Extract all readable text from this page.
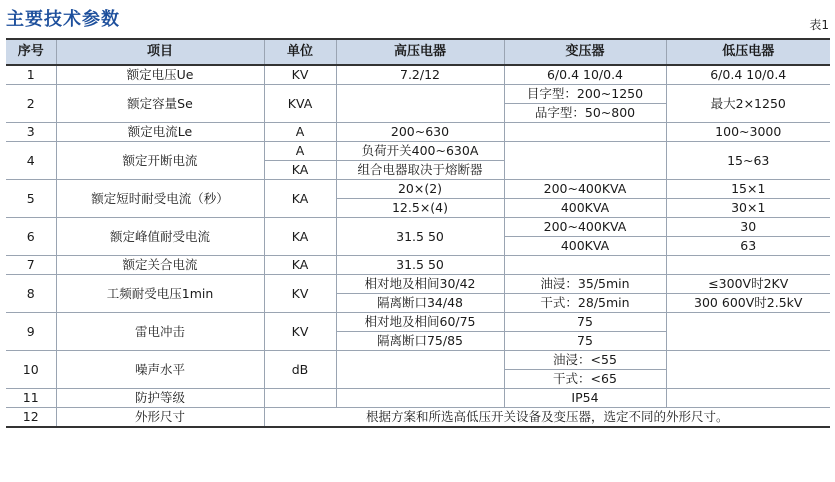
主要技术参数	表1
序号	项目	单位	高压电器	变压器	低压电器
1	额定电压Ue	KV	7.2/12	6/0.4 10/0.4	6/0.4 10/0.4
2	额定容量Se	KVA		目字型：200~1250	最大2×1250
				品字型：50~800	
3	额定电流Le	A	200~630		100~3000
4	额定开断电流	A	负荷开关400~630A		15~63
		KA	组合电器取决于熔断器		
5	额定短时耐受电流（秒）	KA	20×(2)	200~400KVA	15×1
			12.5×(4)	400KVA	30×1
6	额定峰值耐受电流	KA	31.5 50	200~400KVA	30
				400KVA	63
7	额定关合电流	KA	31.5 50		
8	工频耐受电压1min	KV	相对地及相间30/42	油浸：35/5min	≤300V时2KV
			隔离断口34/48	干式：28/5min	300 600V时2.5kV
9	雷电冲击	KV	相对地及相间60/75	75	
			隔离断口75/85	75	
10	噪声水平	dB		油浸：<55	
				干式：<65	
11	防护等级			IP54	
12	外形尺寸	根据方案和所选高低压开关设备及变压器，选定不同的外形尺寸。			
